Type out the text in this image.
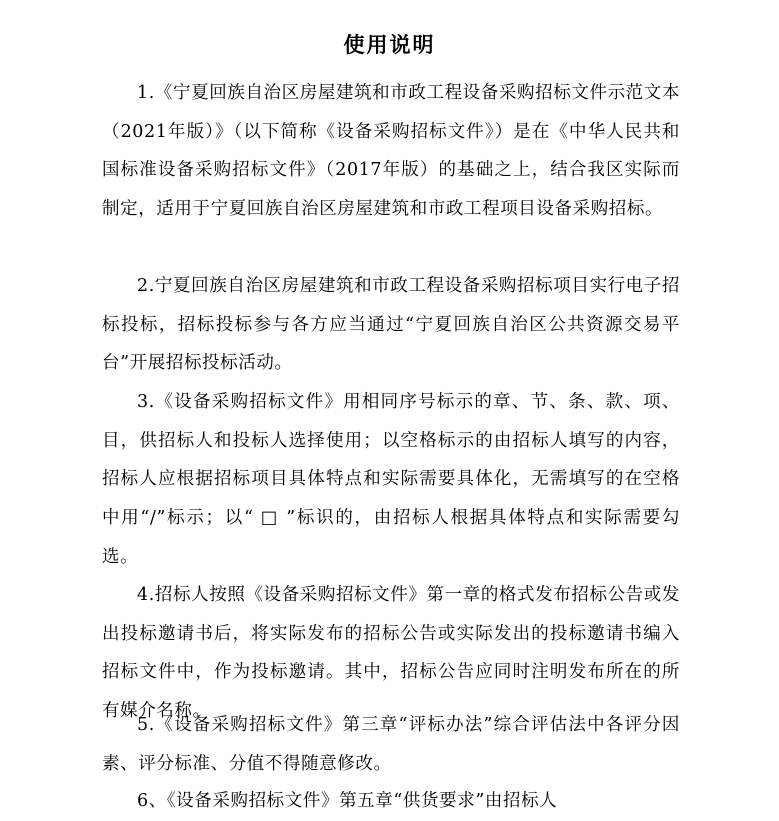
使用说明

1.《宁夏回族自治区房屋建筑和市政工程设备采购招标文件示范文本（2021年版）》（以下简称《设备采购招标文件》）是在《中华人民共和国标准设备采购招标文件》（2017年版）的基础之上，结合我区实际而制定，适用于宁夏回族自治区房屋建筑和市政工程项目设备采购招标。

2.宁夏回族自治区房屋建筑和市政工程设备采购招标项目实行电子招标投标，招标投标参与各方应当通过“宁夏回族自治区公共资源交易平台”开展招标投标活动。

3.《设备采购招标文件》用相同序号标示的章、节、条、款、项、目，供招标人和投标人选择使用；以空格标示的由招标人填写的内容，招标人应根据招标项目具体特点和实际需要具体化，无需填写的在空格中用“/”标示；以“ □ ”标识的，由招标人根据具体特点和实际需要勾选。

4.招标人按照《设备采购招标文件》第一章的格式发布招标公告或发出投标邀请书后，将实际发布的招标公告或实际发出的投标邀请书编入招标文件中，作为投标邀请。其中，招标公告应同时注明发布所在的所有媒介名称。

5.《设备采购招标文件》第三章“评标办法”综合评估法中各评分因素、评分标准、分值不得随意修改。

6、《设备采购招标文件》第五章“供货要求”由招标人
